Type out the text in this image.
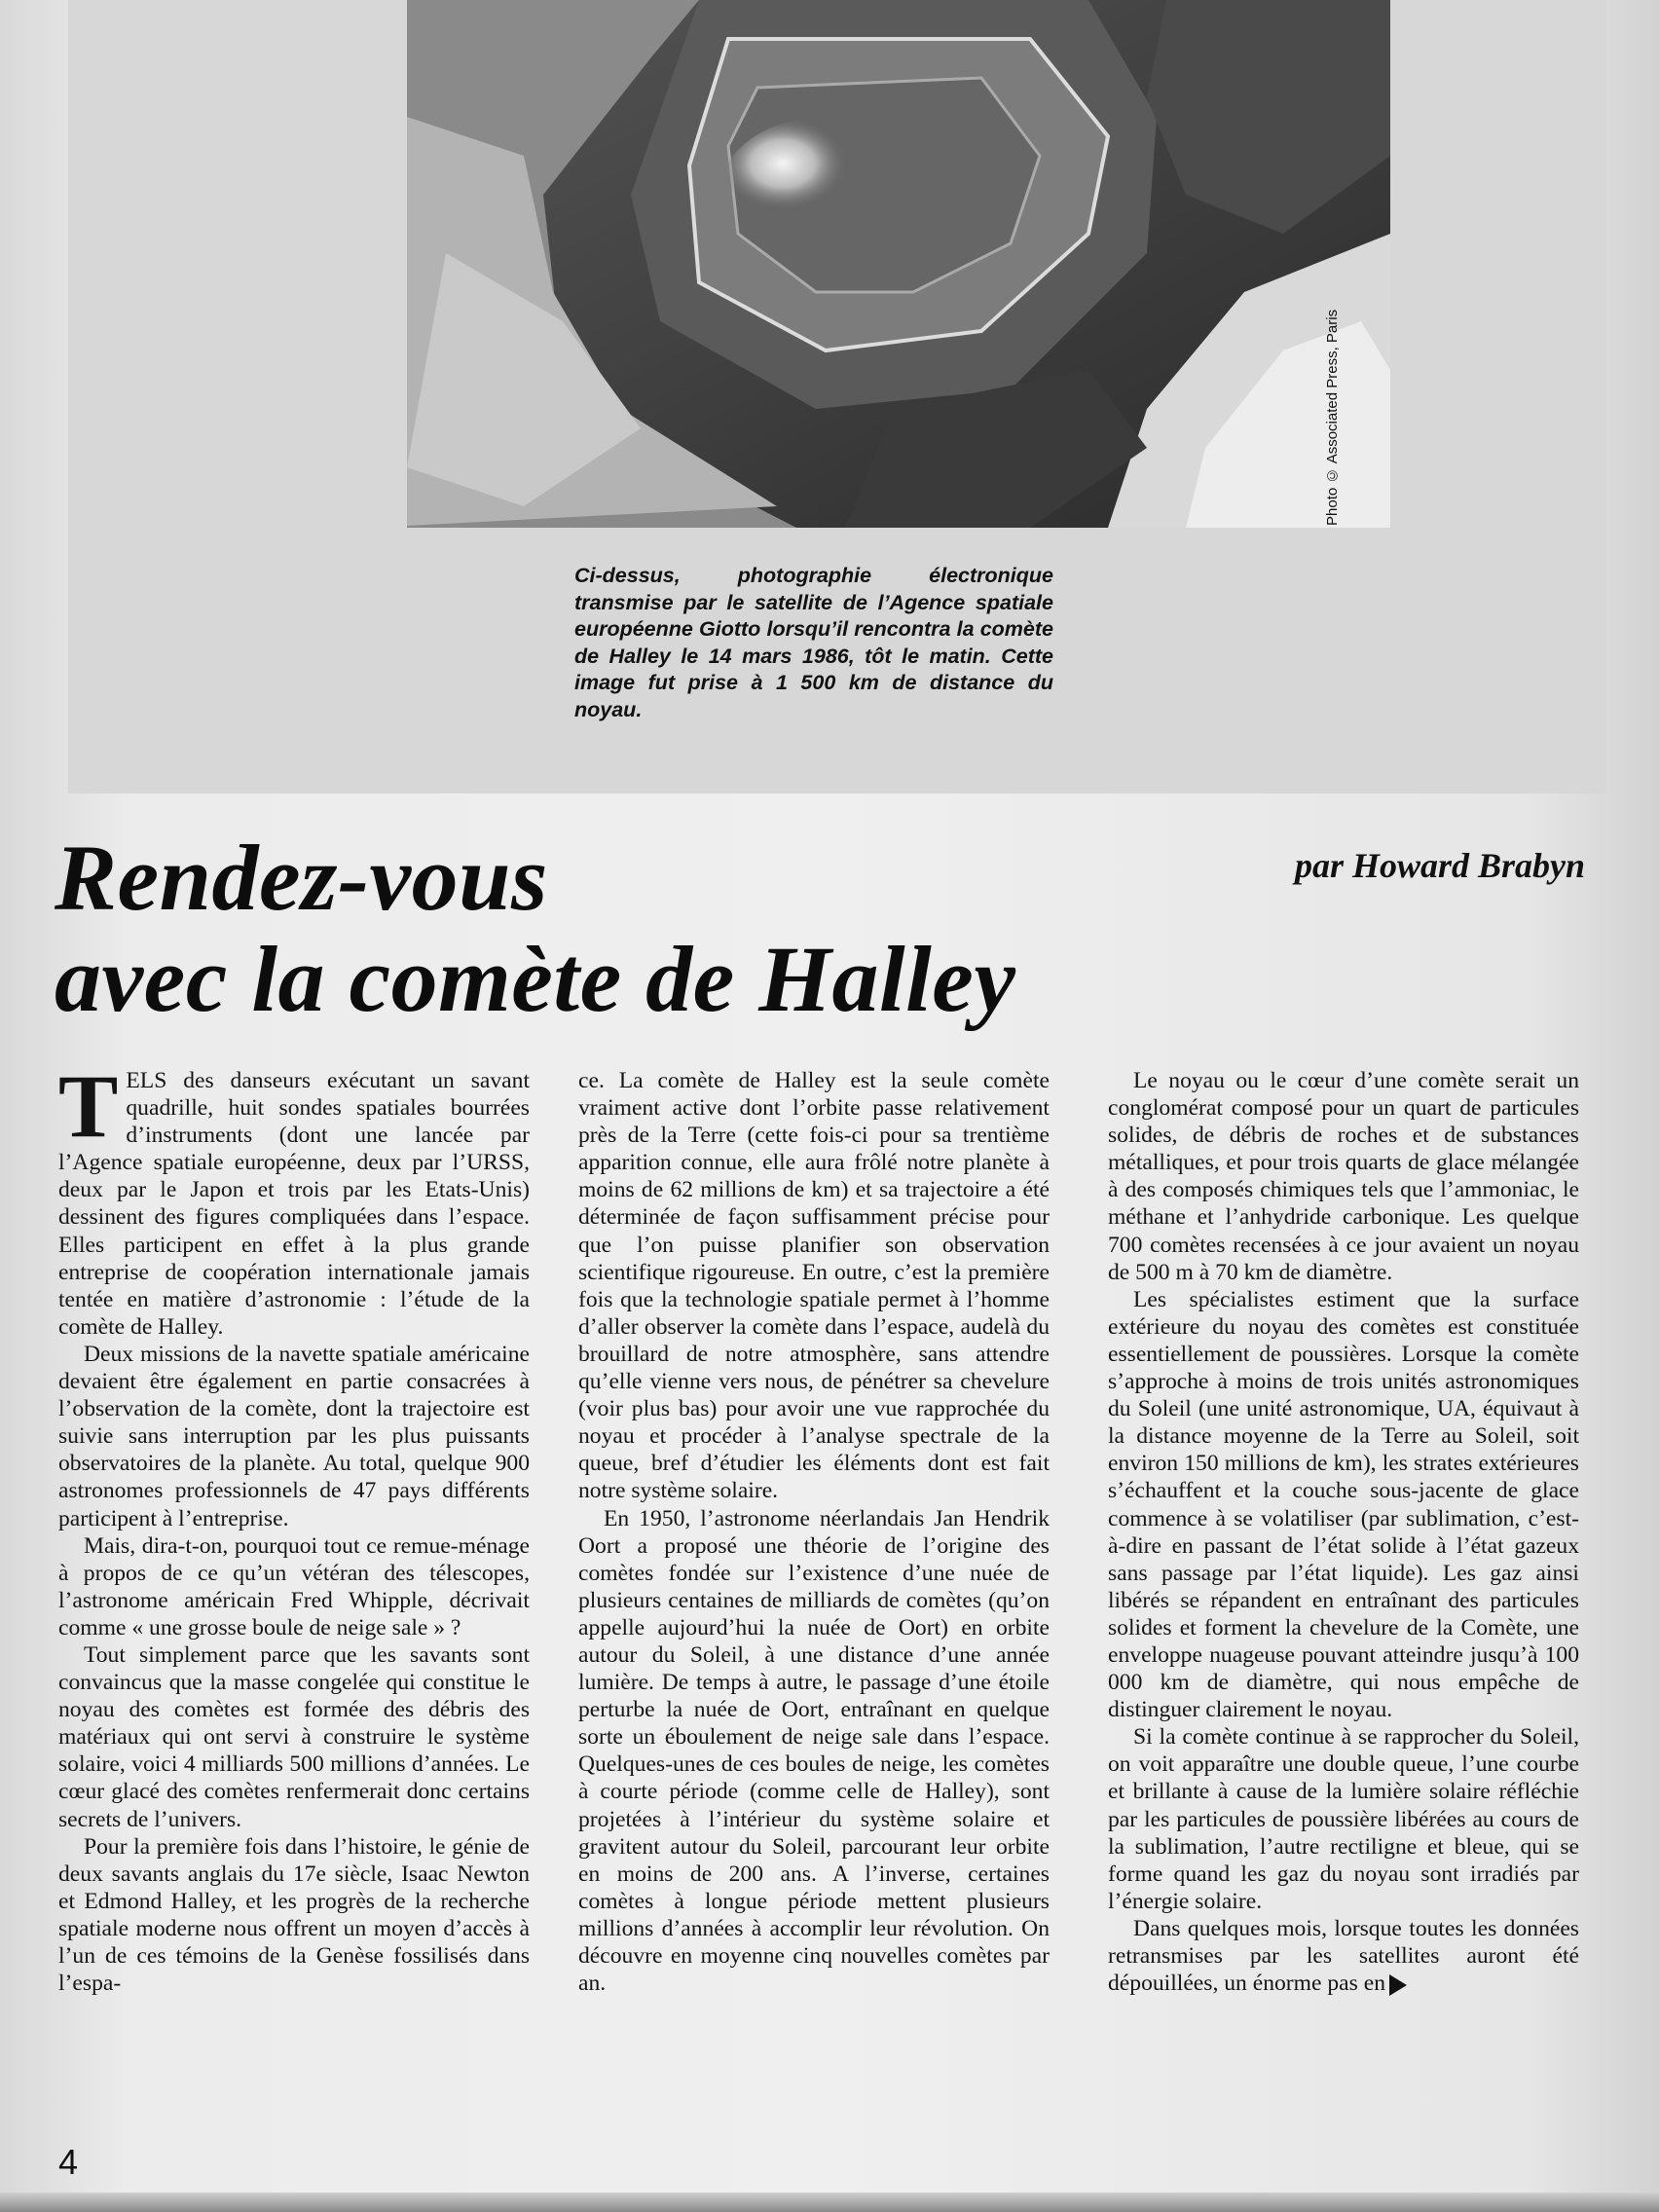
Photo © Associated Press, Paris
Ci-dessus, photographie électronique transmise par le satellite de l’Agence spatiale européenne Giotto lorsqu’il rencontra la comète de Halley le 14 mars 1986, tôt le matin. Cette image fut prise à 1 500 km de distance du noyau.
Rendez-vous
avec la comète de Halley
par Howard Brabyn

TELS des danseurs exécutant un savant quadrille, huit sondes spatiales bourrées d’instruments (dont une lancée par l’Agence spatiale européenne, deux par l’URSS, deux par le Japon et trois par les Etats-Unis) dessinent des figures compliquées dans l’espace. Elles participent en effet à la plus grande entreprise de coopération internationale jamais tentée en matière d’astronomie : l’étude de la comète de Halley.

Deux missions de la navette spatiale américaine devaient être également en partie consacrées à l’observation de la comète, dont la trajectoire est suivie sans interruption par les plus puissants observatoires de la planète. Au total, quelque 900 astronomes professionnels de 47 pays différents participent à l’entreprise.

Mais, dira-t-on, pourquoi tout ce remue-ménage à propos de ce qu’un vétéran des télescopes, l’astronome américain Fred Whipple, décrivait comme « une grosse boule de neige sale » ?

Tout simplement parce que les savants sont convaincus que la masse congelée qui constitue le noyau des comètes est formée des débris des matériaux qui ont servi à construire le système solaire, voici 4 milliards 500 millions d’années. Le cœur glacé des comètes renfermerait donc certains secrets de l’univers.

Pour la première fois dans l’histoire, le génie de deux savants anglais du 17e siècle, Isaac Newton et Edmond Halley, et les progrès de la recherche spatiale moderne nous offrent un moyen d’accès à l’un de ces témoins de la Genèse fossilisés dans l’espa-

ce. La comète de Halley est la seule comète vraiment active dont l’orbite passe relativement près de la Terre (cette fois-ci pour sa trentième apparition connue, elle aura frôlé notre planète à moins de 62 millions de km) et sa trajectoire a été déterminée de façon suffisamment précise pour que l’on puisse planifier son observation scientifique rigoureuse. En outre, c’est la première fois que la technologie spatiale permet à l’homme d’aller observer la comète dans l’espace, audelà du brouillard de notre atmosphère, sans attendre qu’elle vienne vers nous, de pénétrer sa chevelure (voir plus bas) pour avoir une vue rapprochée du noyau et procéder à l’analyse spectrale de la queue, bref d’étudier les éléments dont est fait notre système solaire.

En 1950, l’astronome néerlandais Jan Hendrik Oort a proposé une théorie de l’origine des comètes fondée sur l’existence d’une nuée de plusieurs centaines de milliards de comètes (qu’on appelle aujourd’hui la nuée de Oort) en orbite autour du Soleil, à une distance d’une année lumière. De temps à autre, le passage d’une étoile perturbe la nuée de Oort, entraînant en quelque sorte un éboulement de neige sale dans l’espace. Quelques-unes de ces boules de neige, les comètes à courte période (comme celle de Halley), sont projetées à l’intérieur du système solaire et gravitent autour du Soleil, parcourant leur orbite en moins de 200 ans. A l’inverse, certaines comètes à longue période mettent plusieurs millions d’années à accomplir leur révolution. On découvre en moyenne cinq nouvelles comètes par an.

Le noyau ou le cœur d’une comète serait un conglomérat composé pour un quart de particules solides, de débris de roches et de substances métalliques, et pour trois quarts de glace mélangée à des composés chimiques tels que l’ammoniac, le méthane et l’anhydride carbonique. Les quelque 700 comètes recensées à ce jour avaient un noyau de 500 m à 70 km de diamètre.

Les spécialistes estiment que la surface extérieure du noyau des comètes est constituée essentiellement de poussières. Lorsque la comète s’approche à moins de trois unités astronomiques du Soleil (une unité astronomique, UA, équivaut à la distance moyenne de la Terre au Soleil, soit environ 150 millions de km), les strates extérieures s’échauffent et la couche sous-jacente de glace commence à se volatiliser (par sublimation, c’est-à-dire en passant de l’état solide à l’état gazeux sans passage par l’état liquide). Les gaz ainsi libérés se répandent en entraînant des particules solides et forment la chevelure de la Comète, une enveloppe nuageuse pouvant atteindre jusqu’à 100 000 km de diamètre, qui nous empêche de distinguer clairement le noyau.

Si la comète continue à se rapprocher du Soleil, on voit apparaître une double queue, l’une courbe et brillante à cause de la lumière solaire réfléchie par les particules de poussière libérées au cours de la sublimation, l’autre rectiligne et bleue, qui se forme quand les gaz du noyau sont irradiés par l’énergie solaire.

Dans quelques mois, lorsque toutes les données retransmises par les satellites auront été dépouillées, un énorme pas en

4
